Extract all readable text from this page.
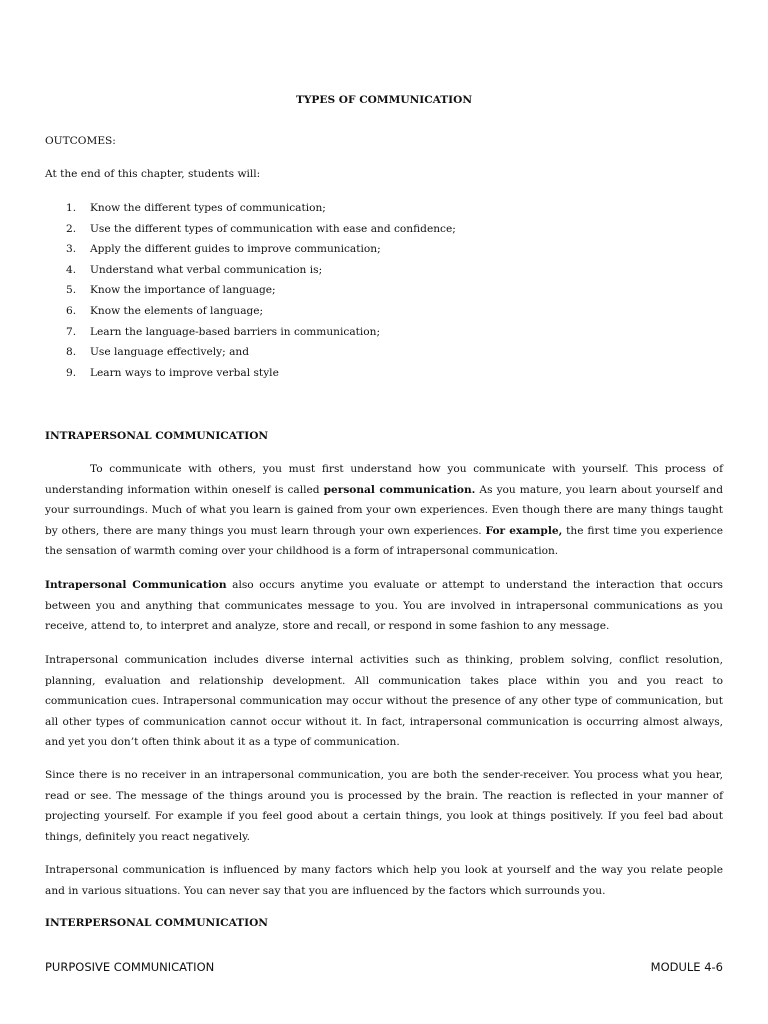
TYPES OF COMMUNICATION
OUTCOMES:
At the end of this chapter, students will:
1.	Know the different types of communication;
2.	Use the different types of communication with ease and confidence;
3.	Apply the different guides to improve communication;
4.	Understand what verbal communication is;
5.	Know the importance of language;
6.	Know the elements of language;
7.	Learn the language-based barriers in communication;
8.	Use language effectively; and
9.	Learn ways to improve verbal style
INTRAPERSONAL COMMUNICATION

To communicate with others, you must first understand how you communicate with yourself. This process of understanding information within oneself is called personal communication. As you mature, you learn about yourself and your surroundings. Much of what you learn is gained from your own experiences. Even though there are many things taught by others, there are many things you must learn through your own experiences. For example, the first time you experience the sensation of warmth coming over your childhood is a form of intrapersonal communication.

Intrapersonal Communication also occurs anytime you evaluate or attempt to understand the interaction that occurs between you and anything that communicates message to you. You are involved in intrapersonal communications as you receive, attend to, to interpret and analyze, store and recall, or respond in some fashion to any message.

Intrapersonal communication includes diverse internal activities such as thinking, problem solving, conflict resolution, planning, evaluation and relationship development. All communication takes place within you and you react to communication cues. Intrapersonal communication may occur without the presence of any other type of communication, but all other types of communication cannot occur without it. In fact, intrapersonal communication is occurring almost always, and yet you don’t often think about it as a type of communication.

Since there is no receiver in an intrapersonal communication, you are both the sender-receiver. You process what you hear, read or see. The message of the things around you is processed by the brain. The reaction is reflected in your manner of projecting yourself. For example if you feel good about a certain things, you look at things positively. If you feel bad about things, definitely you react negatively.

Intrapersonal communication is influenced by many factors which help you look at yourself and the way you relate people and in various situations. You can never say that you are influenced by the factors which surrounds you.

INTERPERSONAL COMMUNICATION
PURPOSIVE COMMUNICATION	MODULE 4-6
